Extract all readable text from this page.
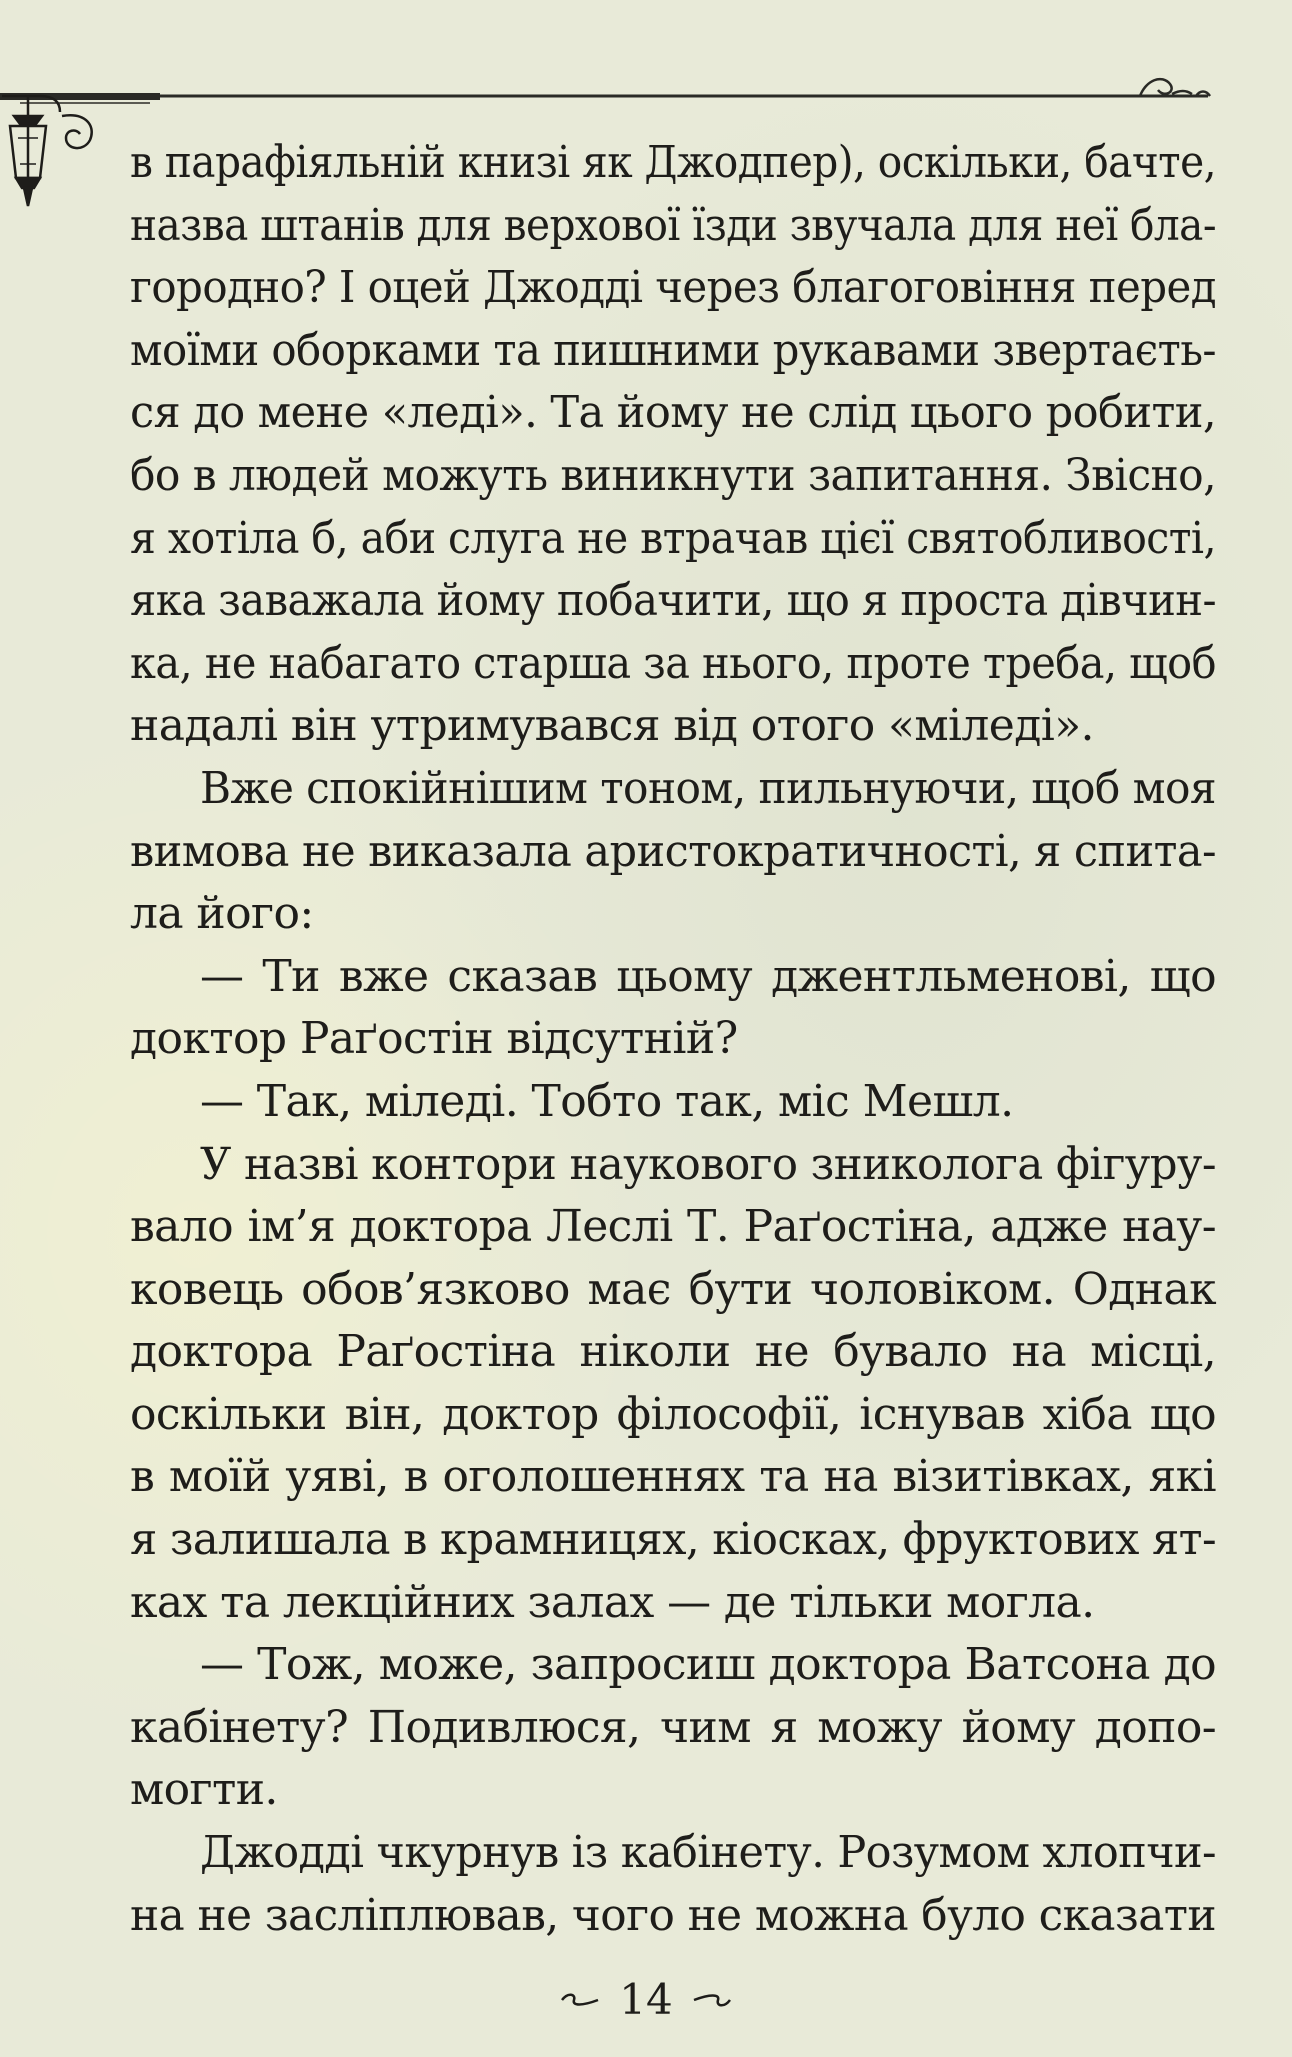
в парафіяльній книзі як Джодпер), оскільки, бачте,
назва штанів для верхової їзди звучала для неї бла-
городно? І оцей Джодді через благоговіння перед
моїми оборками та пишними рукавами звертаєть-
ся до мене «леді». Та йому не слід цього робити,
бо в людей можуть виникнути запитання. Звісно,
я хотіла б, аби слуга не втрачав цієї святобливості,
яка заважала йому побачити, що я проста дівчин-
ка, не набагато старша за нього, проте треба, щоб
надалі він утримувався від отого «міледі».
Вже спокійнішим тоном, пильнуючи, щоб моя
вимова не виказала аристократичності, я спита-
ла його:
— Ти вже сказав цьому джентльменові, що
доктор Раґостін відсутній?
— Так, міледі. Тобто так, міс Мешл.
У назві контори наукового зниколога фігуру-
вало ім’я доктора Леслі Т. Раґостіна, адже нау-
ковець обов’язково має бути чоловіком. Однак
доктора Раґостіна ніколи не бувало на місці,
оскільки він, доктор філософії, існував хіба що
в моїй уяві, в оголошеннях та на візитівках, які
я залишала в крамницях, кіосках, фруктових ят-
ках та лекційних залах — де тільки могла.
— Тож, може, запросиш доктора Ватсона до
кабінету? Подивлюся, чим я можу йому допо-
могти.
Джодді чкурнув із кабінету. Розумом хлопчи-
на не засліплював, чого не можна було сказати
14
